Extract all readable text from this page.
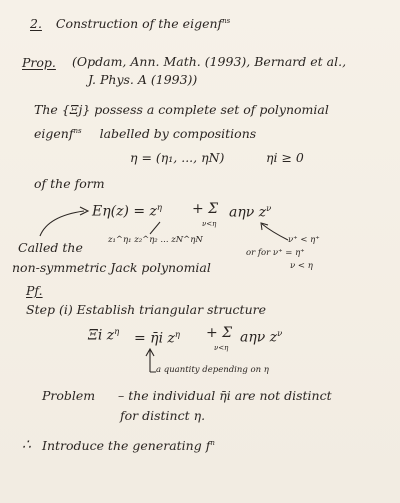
2. Construction of the eigenf$^{ns}$
Prop. (Opdam, Ann. Math. (1993), Bernard et al.,
J. Phys. A (1993))
The {Ξj} possess a complete set of polynomial
eigenf$^{ns}$ labelled by compositions
η = (η₁, ..., ηN)	ηi ≥ 0
of the form
$E\eta(z) = z^\eta + \Sigma$
ν<η
aην $z^\nu$
z₁^η₁ z₂^η₂ ... zN^ηN	ν⁺ < η⁺
or for ν⁺ = η⁺
ν < η
Called the
non-symmetric Jack polynomial
Pf.
Step (i) Establish triangular structure
Ξi $z^\eta$ = η̄i $z^\eta + \Sigma$
ν<η
aην $z^\nu$
a quantity depending on η
Problem – the individual η̄i are not distinct
for distinct η.
∴ Introduce the generating $f^n$
